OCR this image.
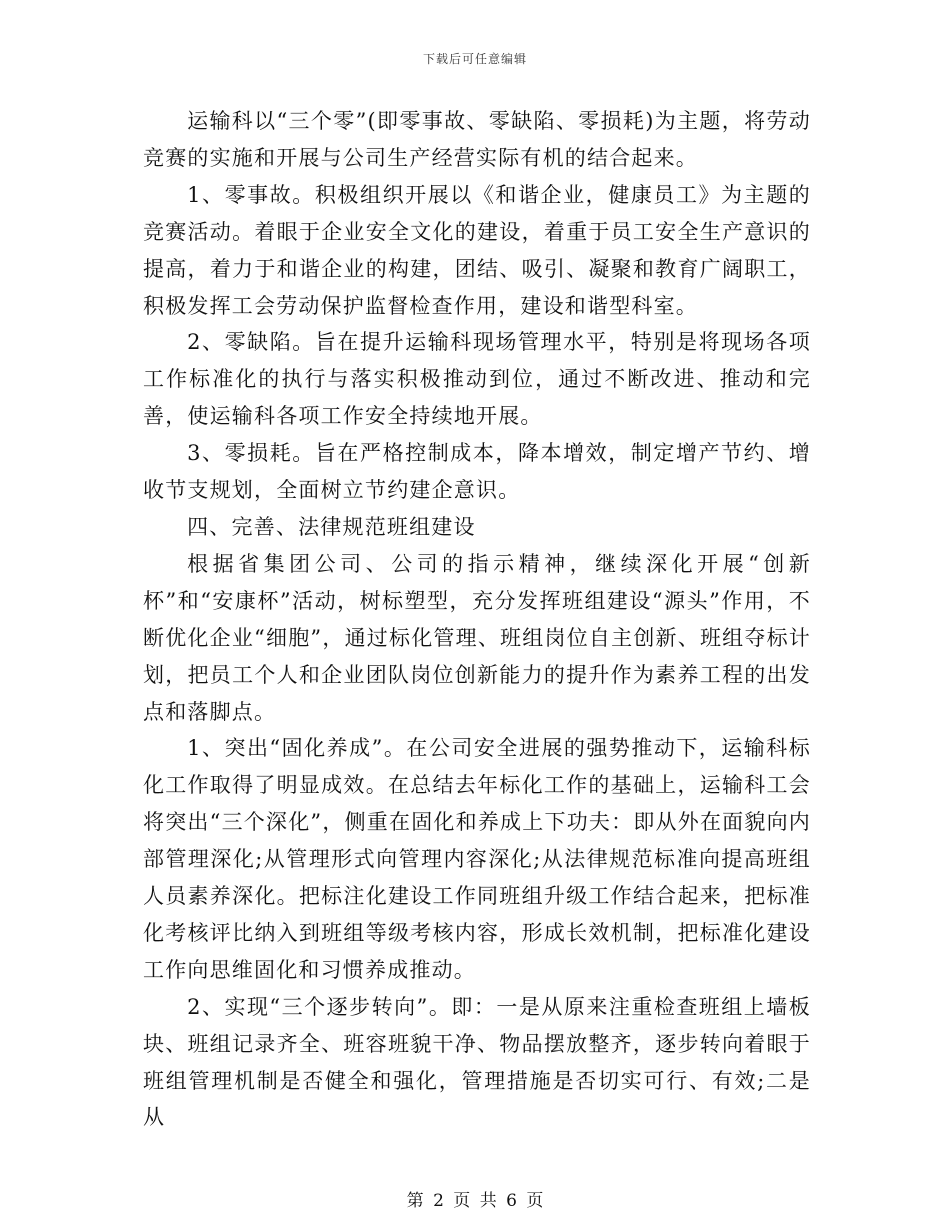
下载后可任意编辑

运输科以“三个零”(即零事故、零缺陷、零损耗)为主题，将劳动竞赛的实施和开展与公司生产经营实际有机的结合起来。

1、零事故。积极组织开展以《和谐企业，健康员工》为主题的竞赛活动。着眼于企业安全文化的建设，着重于员工安全生产意识的提高，着力于和谐企业的构建，团结、吸引、凝聚和教育广阔职工，积极发挥工会劳动保护监督检查作用，建设和谐型科室。

2、零缺陷。旨在提升运输科现场管理水平，特别是将现场各项工作标准化的执行与落实积极推动到位，通过不断改进、推动和完善，使运输科各项工作安全持续地开展。

3、零损耗。旨在严格控制成本，降本增效，制定增产节约、增收节支规划，全面树立节约建企意识。

四、完善、法律规范班组建设

根据省集团公司、公司的指示精神，继续深化开展“创新杯”和“安康杯”活动，树标塑型，充分发挥班组建设“源头”作用，不断优化企业“细胞”，通过标化管理、班组岗位自主创新、班组夺标计划，把员工个人和企业团队岗位创新能力的提升作为素养工程的出发点和落脚点。

1、突出“固化养成”。在公司安全进展的强势推动下，运输科标化工作取得了明显成效。在总结去年标化工作的基础上，运输科工会将突出“三个深化”，侧重在固化和养成上下功夫：即从外在面貌向内部管理深化;从管理形式向管理内容深化;从法律规范标准向提高班组人员素养深化。把标注化建设工作同班组升级工作结合起来，把标准化考核评比纳入到班组等级考核内容，形成长效机制，把标准化建设工作向思维固化和习惯养成推动。

2、实现“三个逐步转向”。即：一是从原来注重检查班组上墙板块、班组记录齐全、班容班貌干净、物品摆放整齐，逐步转向着眼于班组管理机制是否健全和强化，管理措施是否切实可行、有效;二是从

第 2 页 共 6 页
